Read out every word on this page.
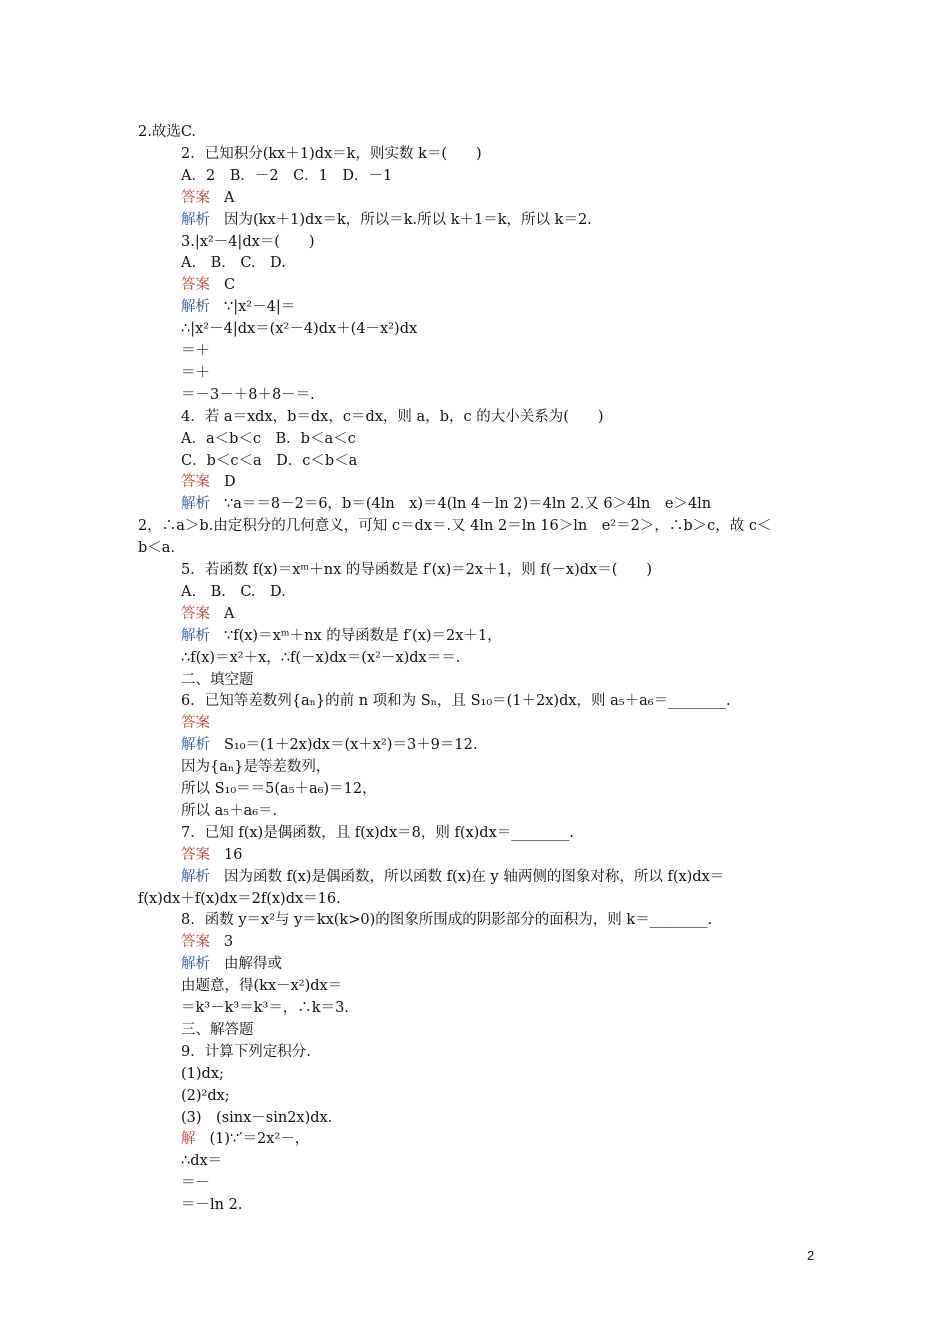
2.故选C.
2．已知积分(kx＋1)dx＝k，则实数 k＝(　　)
A．2　B．－2　C．1　D．－1
答案 A
解析 因为(kx＋1)dx＝k，所以＝k.所以 k＋1＝k，所以 k＝2.
3.|x²－4|dx＝(　　)
A.　B.　C.　D.
答案 C
解析 ∵|x²－4|＝
∴|x²－4|dx＝(x²－4)dx＋(4－x²)dx
＝＋
＝＋
＝－3－＋8＋8－＝.
4．若 a＝xdx，b＝dx，c＝dx，则 a，b，c 的大小关系为(　　)
A．a＜b＜c　B．b＜a＜c
C．b＜c＜a　D．c＜b＜a
答案 D
解析 ∵a＝＝8－2＝6，b＝(4ln　x)＝4(ln 4－ln 2)＝4ln 2.又 6＞4ln　e＞4ln
2，∴a＞b.由定积分的几何意义，可知 c＝dx＝.又 4ln 2＝ln 16＞ln　e²＝2＞，∴b＞c，故 c＜
b＜a.
5．若函数 f(x)＝xᵐ＋nx 的导函数是 f′(x)＝2x＋1，则 f(－x)dx＝(　　)
A.　B.　C.　D.
答案 A
解析 ∵f(x)＝xᵐ＋nx 的导函数是 f′(x)＝2x＋1，
∴f(x)＝x²＋x，∴f(－x)dx＝(x²－x)dx＝＝.
二、填空题
6．已知等差数列{aₙ}的前 n 项和为 Sₙ，且 S₁₀＝(1＋2x)dx，则 a₅＋a₆＝________.
答案
解析 S₁₀＝(1＋2x)dx＝(x＋x²)＝3＋9＝12.
因为{aₙ}是等差数列，
所以 S₁₀＝＝5(a₅＋a₆)＝12，
所以 a₅＋a₆＝.
7．已知 f(x)是偶函数，且 f(x)dx＝8，则 f(x)dx＝________.
答案 16
解析 因为函数 f(x)是偶函数，所以函数 f(x)在 y 轴两侧的图象对称，所以 f(x)dx＝
f(x)dx＋f(x)dx＝2f(x)dx＝16.
8．函数 y＝x²与 y＝kx(k>0)的图象所围成的阴影部分的面积为，则 k＝________.
答案 3
解析 由解得或
由题意，得(kx－x²)dx＝
＝k³－k³＝k³＝，∴k＝3.
三、解答题
9．计算下列定积分.
(1)dx;
(2)²dx;
(3)　(sinx－sin2x)dx.
解 (1)∵′＝2x²－，
∴dx＝
＝－
＝－ln 2.
2
